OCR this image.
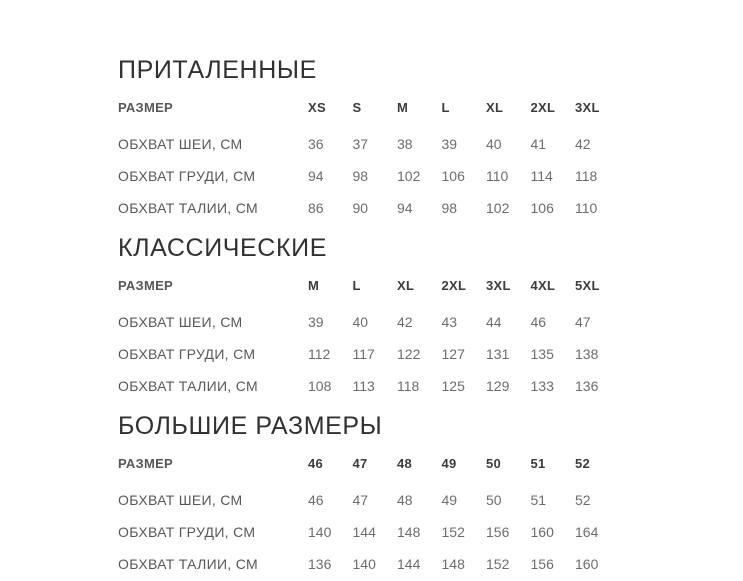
ПРИТАЛЕННЫЕ
РАЗМЕР	XS	S	M	L	XL	2XL	3XL
ОБХВАТ ШЕИ, СМ	36	37	38	39	40	41	42
ОБХВАТ ГРУДИ, СМ	94	98	102	106	110	114	118
ОБХВАТ ТАЛИИ, СМ	86	90	94	98	102	106	110
КЛАССИЧЕСКИЕ
РАЗМЕР	M	L	XL	2XL	3XL	4XL	5XL
ОБХВАТ ШЕИ, СМ	39	40	42	43	44	46	47
ОБХВАТ ГРУДИ, СМ	112	117	122	127	131	135	138
ОБХВАТ ТАЛИИ, СМ	108	113	118	125	129	133	136
БОЛЬШИЕ РАЗМЕРЫ
РАЗМЕР	46	47	48	49	50	51	52
ОБХВАТ ШЕИ, СМ	46	47	48	49	50	51	52
ОБХВАТ ГРУДИ, СМ	140	144	148	152	156	160	164
ОБХВАТ ТАЛИИ, СМ	136	140	144	148	152	156	160
